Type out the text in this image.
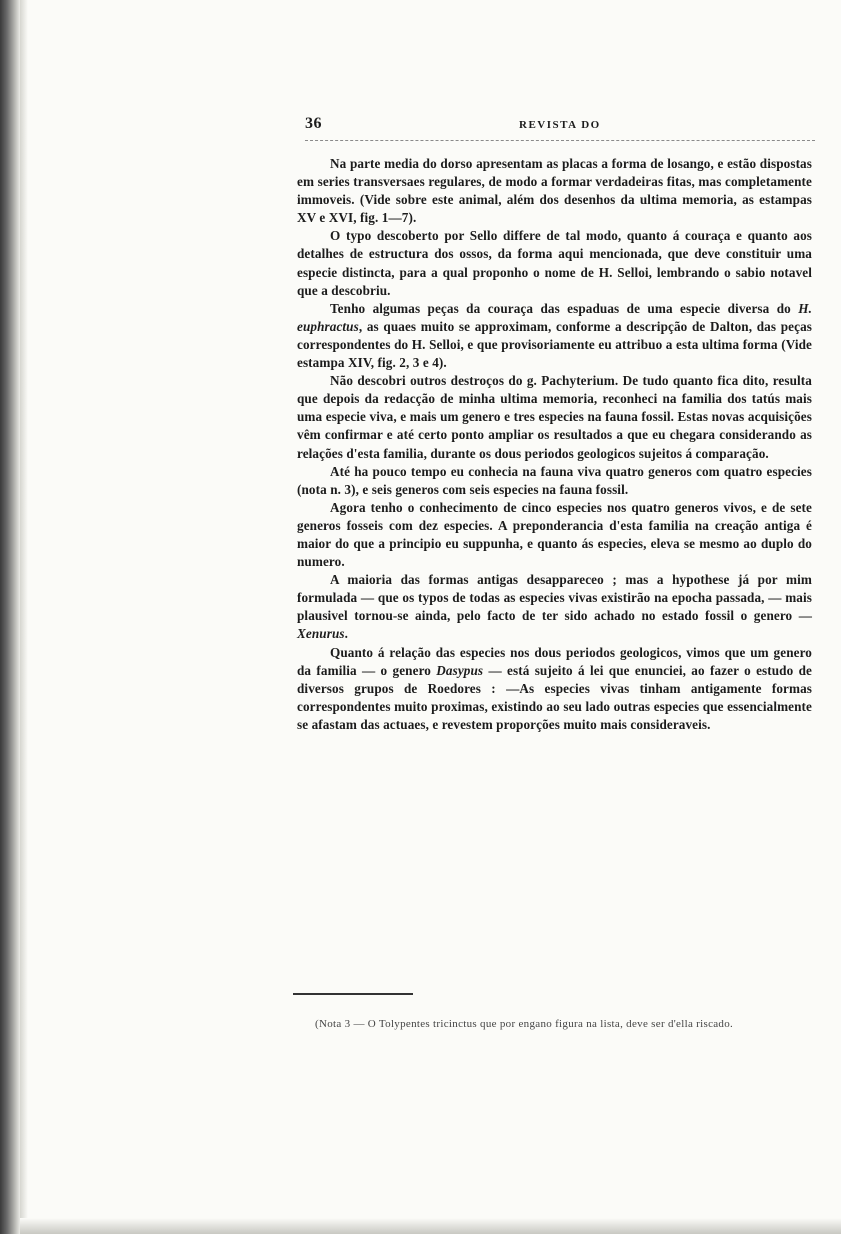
36	REVISTA DO

Na parte media do dorso apresentam as placas a forma de losango, e estão dispostas em series transversaes regulares, de modo a formar verdadeiras fitas, mas completamente immoveis. (Vide sobre este animal, além dos desenhos da ultima memoria, as estampas XV e XVI, fig. 1—7).

O typo descoberto por Sello differe de tal modo, quanto á couraça e quanto aos detalhes de estructura dos ossos, da forma aqui mencionada, que deve constituir uma especie distincta, para a qual proponho o nome de H. Selloi, lembrando o sabio notavel que a descobriu.

Tenho algumas peças da couraça das espaduas de uma especie diversa do H. euphractus, as quaes muito se approximam, conforme a descripção de Dalton, das peças correspondentes do H. Selloi, e que provisoriamente eu attribuo a esta ultima forma (Vide estampa XIV, fig. 2, 3 e 4).

Não descobri outros destroços do g. Pachyterium. De tudo quanto fica dito, resulta que depois da redacção de minha ultima memoria, reconheci na familia dos tatús mais uma especie viva, e mais um genero e tres especies na fauna fossil. Estas novas acquisições vêm confirmar e até certo ponto ampliar os resultados a que eu chegara considerando as relações d'esta familia, durante os dous periodos geologicos sujeitos á comparação.

Até ha pouco tempo eu conhecia na fauna viva quatro generos com quatro especies (nota n. 3), e seis generos com seis especies na fauna fossil.

Agora tenho o conhecimento de cinco especies nos quatro generos vivos, e de sete generos fosseis com dez especies. A preponderancia d'esta familia na creação antiga é maior do que a principio eu suppunha, e quanto ás especies, eleva se mesmo ao duplo do numero.

A maioria das formas antigas desappareceo ; mas a hypothese já por mim formulada — que os typos de todas as especies vivas existirão na epocha passada, — mais plausivel tornou-se ainda, pelo facto de ter sido achado no estado fossil o genero — Xenurus.

Quanto á relação das especies nos dous periodos geologicos, vimos que um genero da familia — o genero Dasypus — está sujeito á lei que enunciei, ao fazer o estudo de diversos grupos de Roedores : —As especies vivas tinham antigamente formas correspondentes muito proximas, existindo ao seu lado outras especies que essencialmente se afastam das actuaes, e revestem proporções muito mais consideraveis.

(Nota 3 — O Tolypentes tricinctus que por engano figura na lista, deve ser d'ella riscado.
